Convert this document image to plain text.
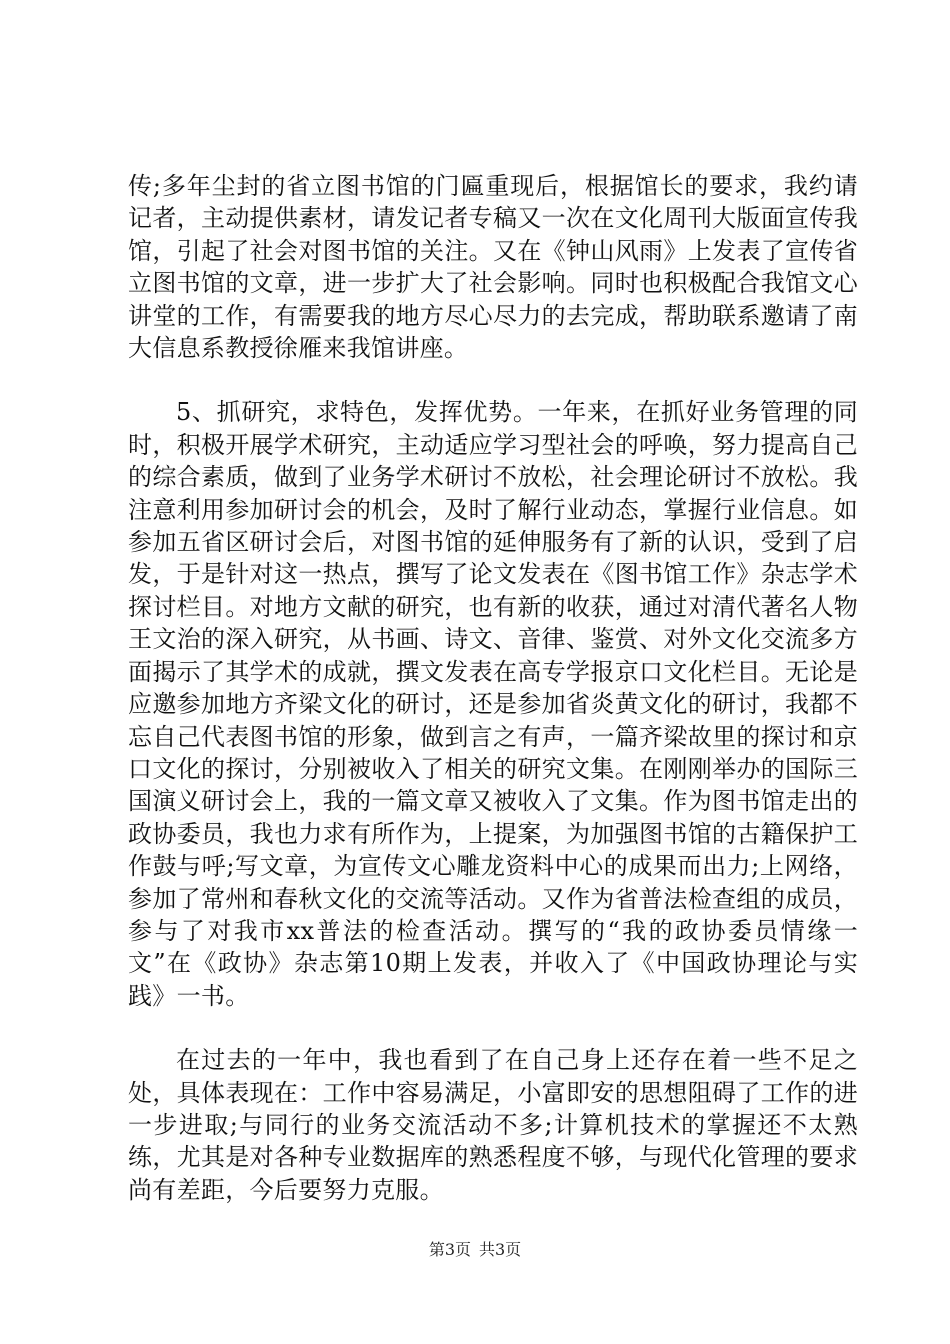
传;多年尘封的省立图书馆的门匾重现后，根据馆长的要求，我约请记者，主动提供素材，请发记者专稿又一次在文化周刊大版面宣传我馆，引起了社会对图书馆的关注。又在《钟山风雨》上发表了宣传省立图书馆的文章，进一步扩大了社会影响。同时也积极配合我馆文心讲堂的工作，有需要我的地方尽心尽力的去完成，帮助联系邀请了南大信息系教授徐雁来我馆讲座。

5、抓研究，求特色，发挥优势。一年来，在抓好业务管理的同时，积极开展学术研究，主动适应学习型社会的呼唤，努力提高自己的综合素质，做到了业务学术研讨不放松，社会理论研讨不放松。我注意利用参加研讨会的机会，及时了解行业动态，掌握行业信息。如参加五省区研讨会后，对图书馆的延伸服务有了新的认识，受到了启发，于是针对这一热点，撰写了论文发表在《图书馆工作》杂志学术探讨栏目。对地方文献的研究，也有新的收获，通过对清代著名人物王文治的深入研究，从书画、诗文、音律、鉴赏、对外文化交流多方面揭示了其学术的成就，撰文发表在高专学报京口文化栏目。无论是应邀参加地方齐梁文化的研讨，还是参加省炎黄文化的研讨，我都不忘自己代表图书馆的形象，做到言之有声，一篇齐梁故里的探讨和京口文化的探讨，分别被收入了相关的研究文集。在刚刚举办的国际三国演义研讨会上，我的一篇文章又被收入了文集。作为图书馆走出的政协委员，我也力求有所作为，上提案，为加强图书馆的古籍保护工作鼓与呼;写文章，为宣传文心雕龙资料中心的成果而出力;上网络，参加了常州和春秋文化的交流等活动。又作为省普法检查组的成员，参与了对我市xx普法的检查活动。撰写的“我的政协委员情缘一文”在《政协》杂志第10期上发表，并收入了《中国政协理论与实践》一书。

在过去的一年中，我也看到了在自己身上还存在着一些不足之处，具体表现在：工作中容易满足，小富即安的思想阻碍了工作的进一步进取;与同行的业务交流活动不多;计算机技术的掌握还不太熟练，尤其是对各种专业数据库的熟悉程度不够，与现代化管理的要求尚有差距，今后要努力克服。

第3页 共3页
